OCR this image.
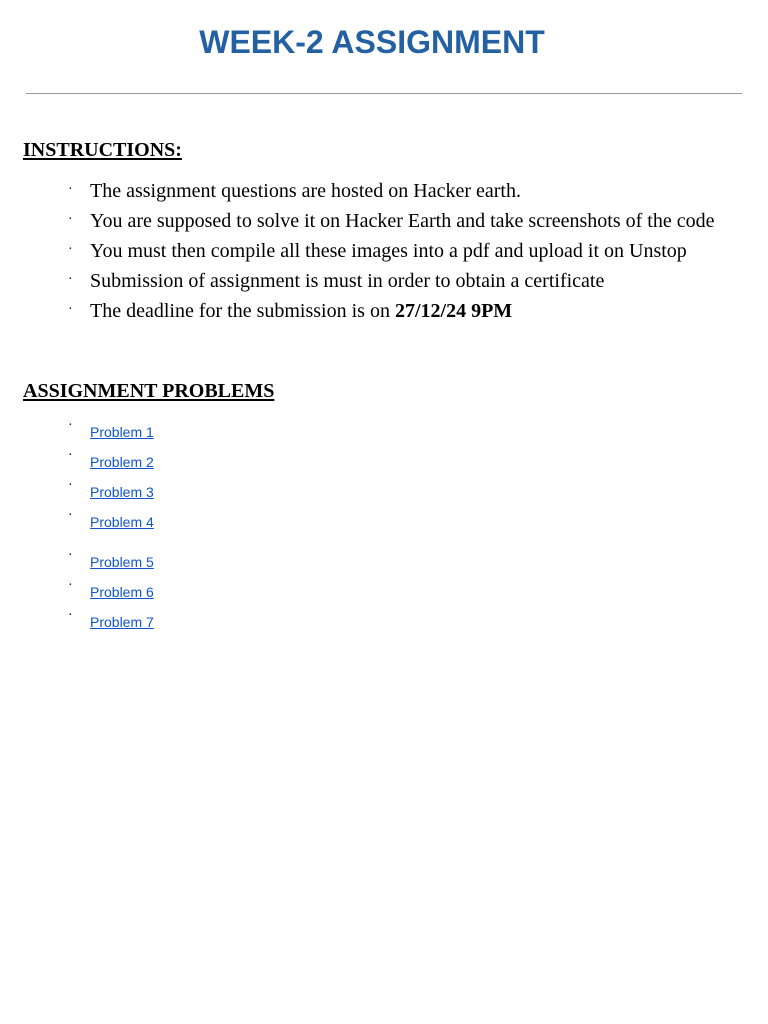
WEEK-2 ASSIGNMENT
INSTRUCTIONS:
· The assignment questions are hosted on Hacker earth.
· You are supposed to solve it on Hacker Earth and take screenshots of the code
· You must then compile all these images into a pdf and upload it on Unstop
· Submission of assignment is must in order to obtain a certificate
· The deadline for the submission is on 27/12/24 9PM
ASSIGNMENT PROBLEMS
· Problem 1
· Problem 2
· Problem 3
· Problem 4
· Problem 5
· Problem 6
· Problem 7
